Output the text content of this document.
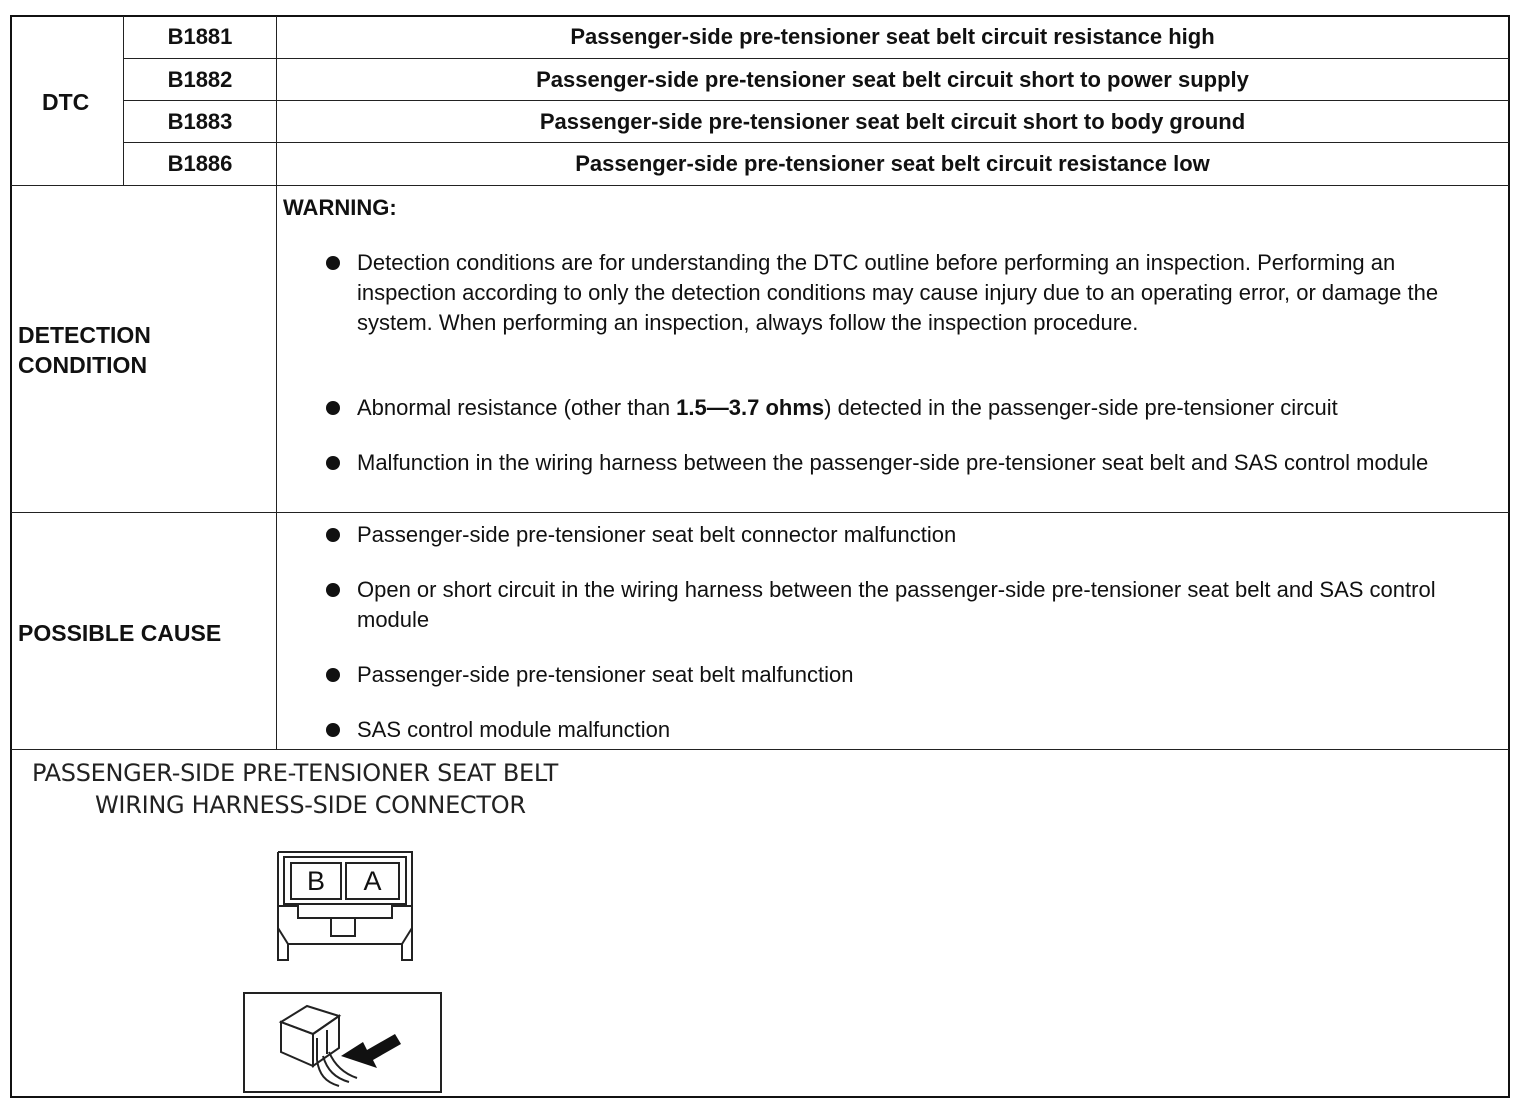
DTC
B1881	Passenger-side pre-tensioner seat belt circuit resistance high
B1882	Passenger-side pre-tensioner seat belt circuit short to power supply
B1883	Passenger-side pre-tensioner seat belt circuit short to body ground
B1886	Passenger-side pre-tensioner seat belt circuit resistance low
DETECTION
CONDITION
WARNING:
Detection conditions are for understanding the DTC outline before performing an inspection. Performing an inspection according to only the detection conditions may cause injury due to an operating error, or damage the system. When performing an inspection, always follow the inspection procedure.
Abnormal resistance (other than 1.5—3.7 ohms) detected in the passenger-side pre-tensioner circuit
Malfunction in the wiring harness between the passenger-side pre-tensioner seat belt and SAS control module
POSSIBLE CAUSE
Passenger-side pre-tensioner seat belt connector malfunction
Open or short circuit in the wiring harness between the passenger-side pre-tensioner seat belt and SAS control module
Passenger-side pre-tensioner seat belt malfunction
SAS control module malfunction
PASSENGER-SIDE PRE-TENSIONER SEAT BELT
WIRING HARNESS-SIDE CONNECTOR
B	A
